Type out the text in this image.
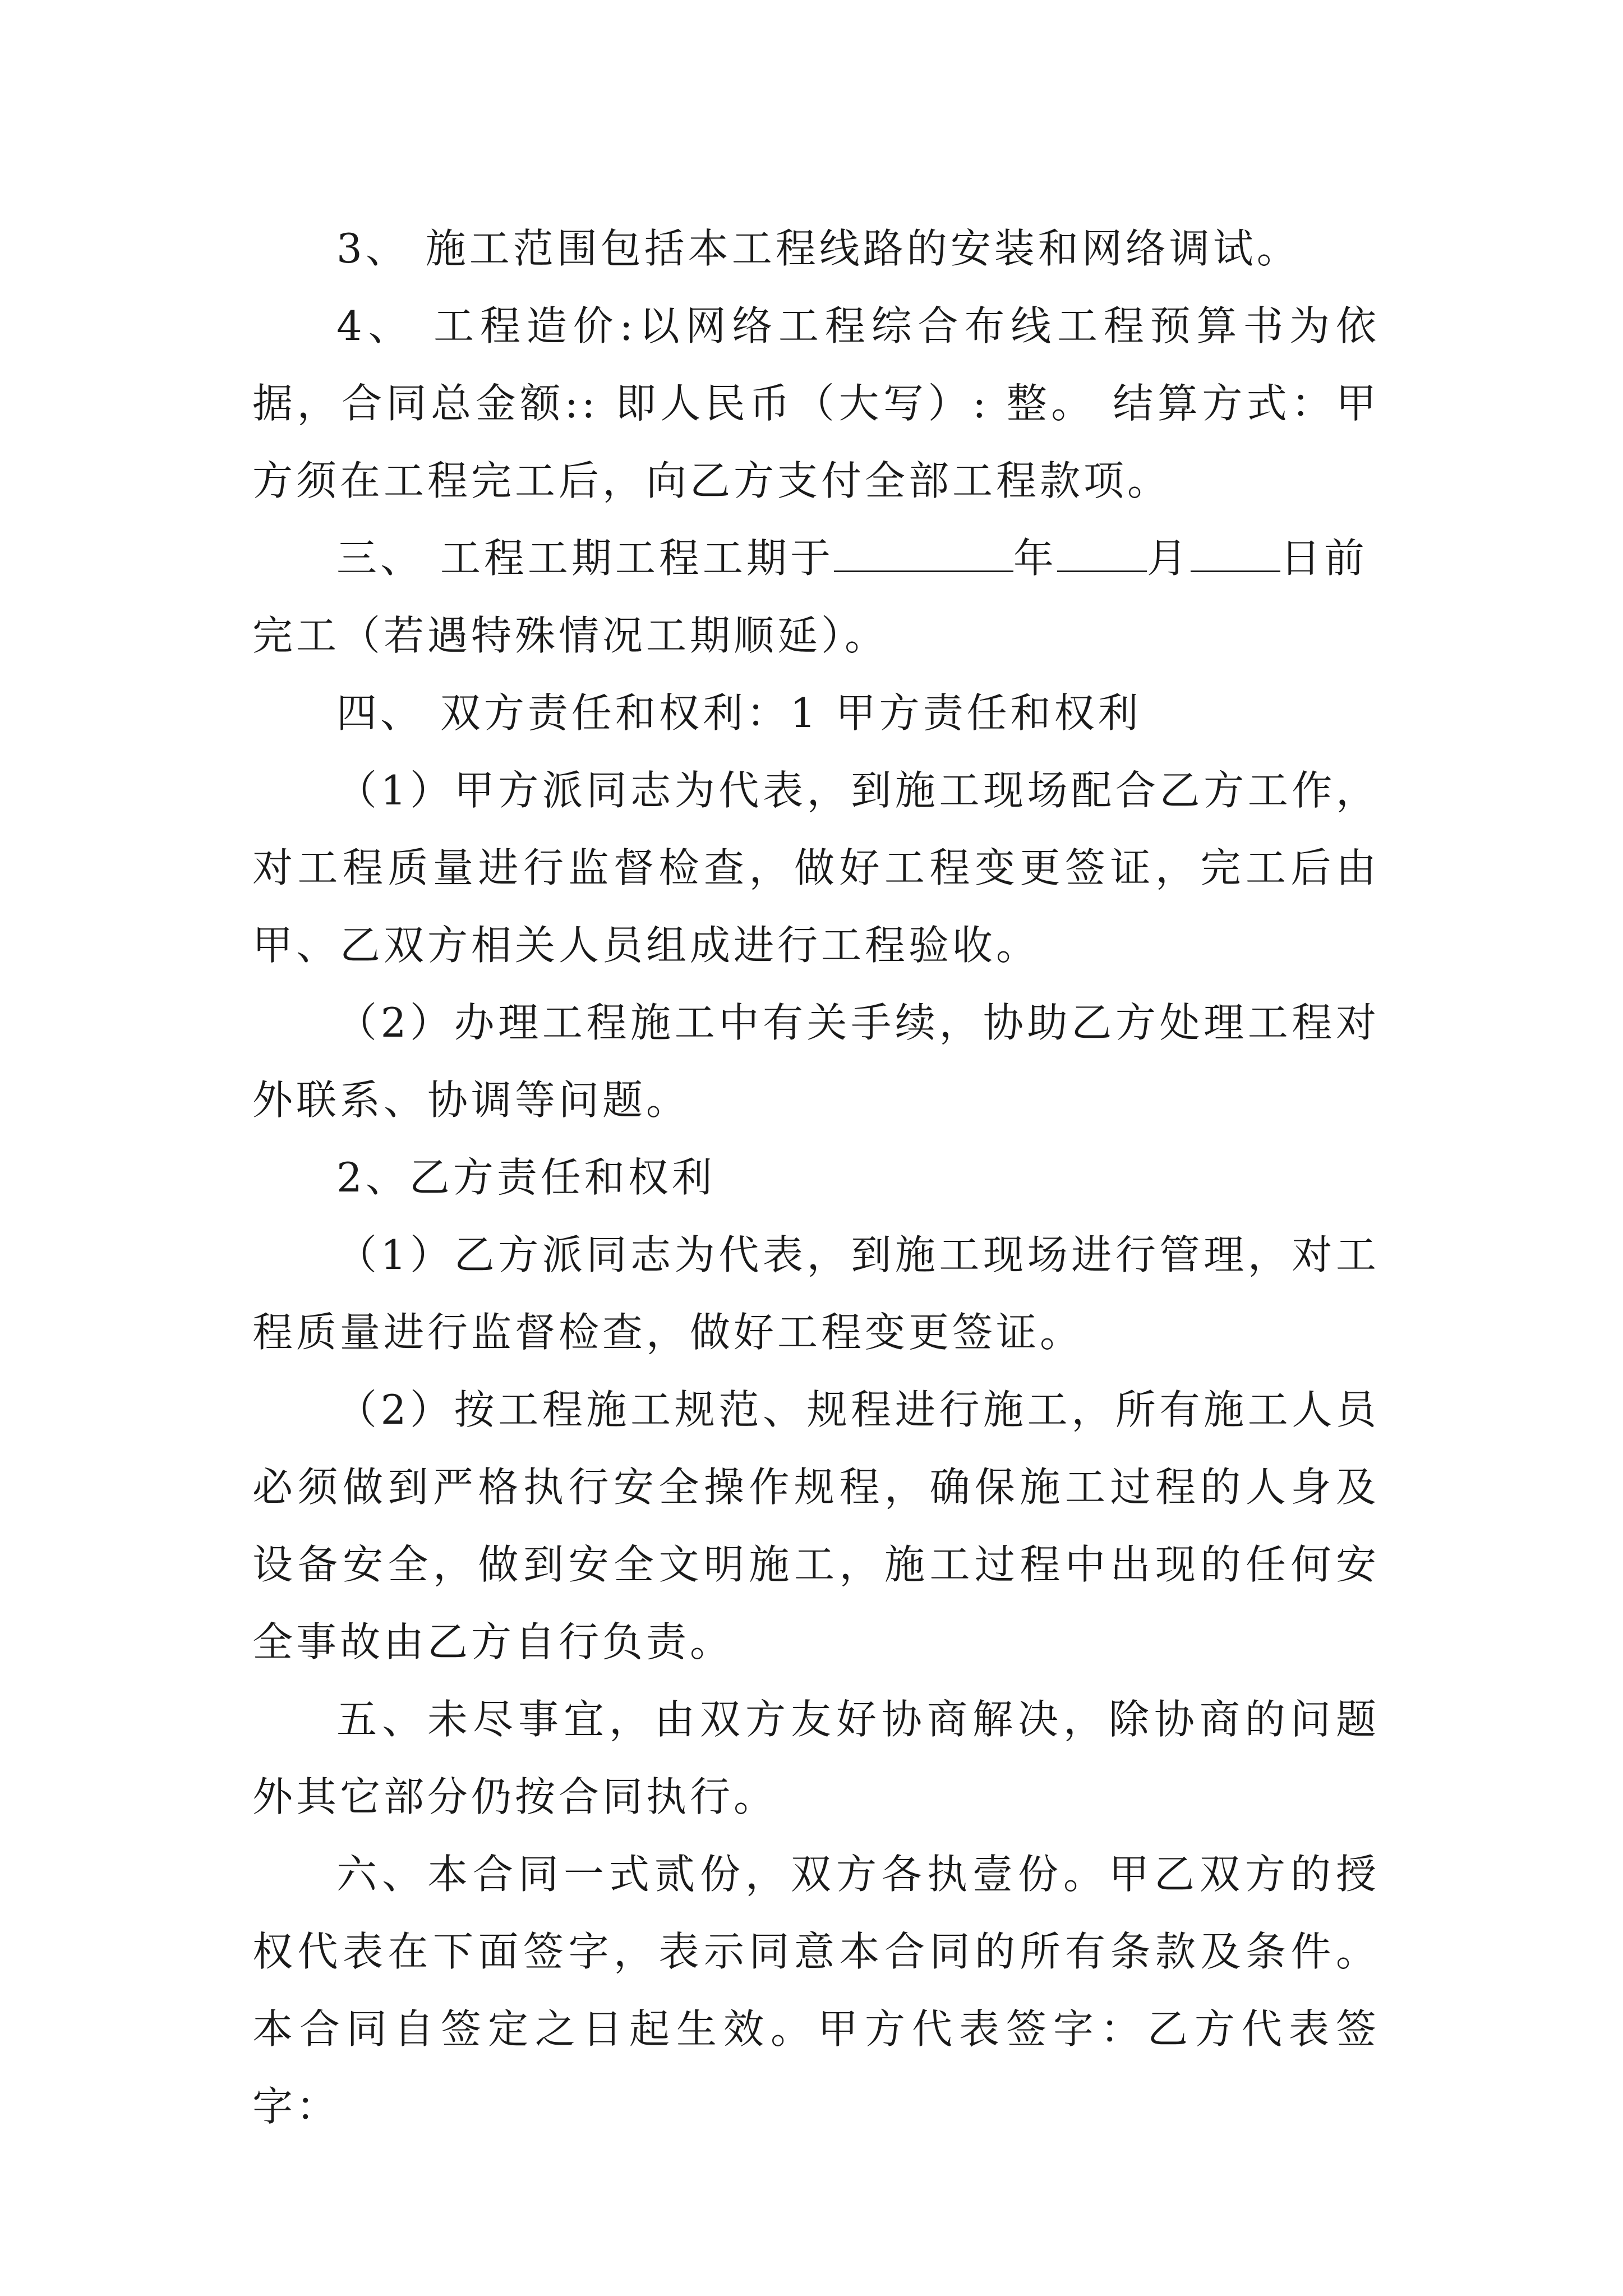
3、 施工范围包括本工程线路的安装和网络调试。

4、 工程造价:以网络工程综合布线工程预算书为依据，合同总金额:: 即人民币（大写）: 整。 结算方式：甲方须在工程完工后，向乙方支付全部工程款项。

三、 工程工期工程工期于	年 月 日前

完工（若遇特殊情况工期顺延）。

四、 双方责任和权利：1 甲方责任和权利

（1）甲方派同志为代表，到施工现场配合乙方工作，对工程质量进行监督检查，做好工程变更签证，完工后由甲、乙双方相关人员组成进行工程验收。

（2）办理工程施工中有关手续，协助乙方处理工程对外联系、协调等问题。

2、乙方责任和权利

（1）乙方派同志为代表，到施工现场进行管理，对工程质量进行监督检查，做好工程变更签证。

（2）按工程施工规范、规程进行施工，所有施工人员必须做到严格执行安全操作规程，确保施工过程的人身及设备安全，做到安全文明施工，施工过程中出现的任何安全事故由乙方自行负责。

五、未尽事宜，由双方友好协商解决，除协商的问题外其它部分仍按合同执行。

六、本合同一式贰份，双方各执壹份。甲乙双方的授权代表在下面签字，表示同意本合同的所有条款及条件。 本合同自签定之日起生效。甲方代表签字：乙方代表签字：
